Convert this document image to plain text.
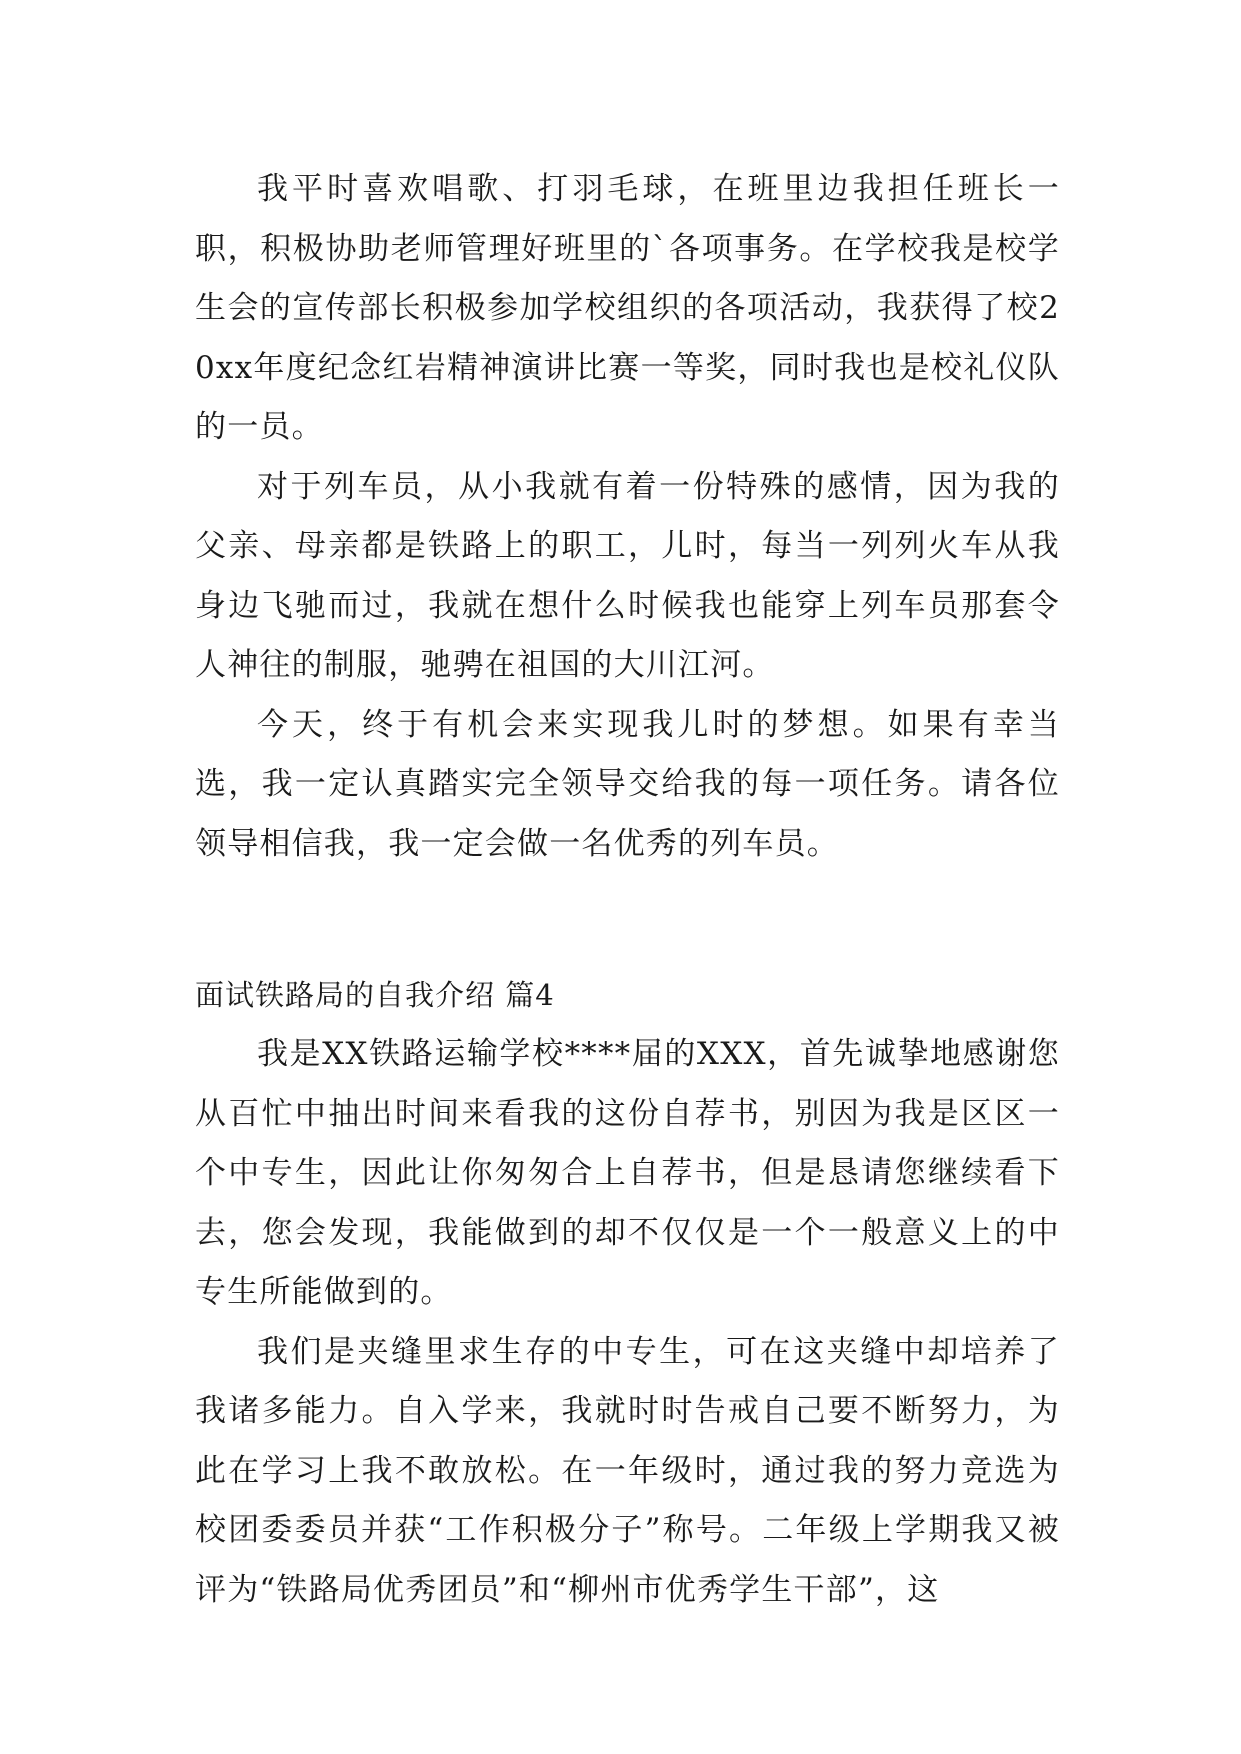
我平时喜欢唱歌、打羽毛球，在班里边我担任班长一职，积极协助老师管理好班里的`各项事务。在学校我是校学生会的宣传部长积极参加学校组织的各项活动，我获得了校20xx年度纪念红岩精神演讲比赛一等奖，同时我也是校礼仪队的一员。

对于列车员，从小我就有着一份特殊的感情，因为我的父亲、母亲都是铁路上的职工，儿时，每当一列列火车从我身边飞驰而过，我就在想什么时候我也能穿上列车员那套令人神往的制服，驰骋在祖国的大川江河。

今天，终于有机会来实现我儿时的梦想。如果有幸当选，我一定认真踏实完全领导交给我的每一项任务。请各位领导相信我，我一定会做一名优秀的列车员。

面试铁路局的自我介绍 篇4

我是XX铁路运输学校****届的XXX，首先诚挚地感谢您从百忙中抽出时间来看我的这份自荐书，别因为我是区区一个中专生，因此让你匆匆合上自荐书，但是恳请您继续看下去，您会发现，我能做到的却不仅仅是一个一般意义上的中专生所能做到的。

我们是夹缝里求生存的中专生，可在这夹缝中却培养了我诸多能力。自入学来，我就时时告戒自己要不断努力，为此在学习上我不敢放松。在一年级时，通过我的努力竞选为校团委委员并获“工作积极分子”称号。二年级上学期我又被评为“铁路局优秀团员”和“柳州市优秀学生干部”，这
